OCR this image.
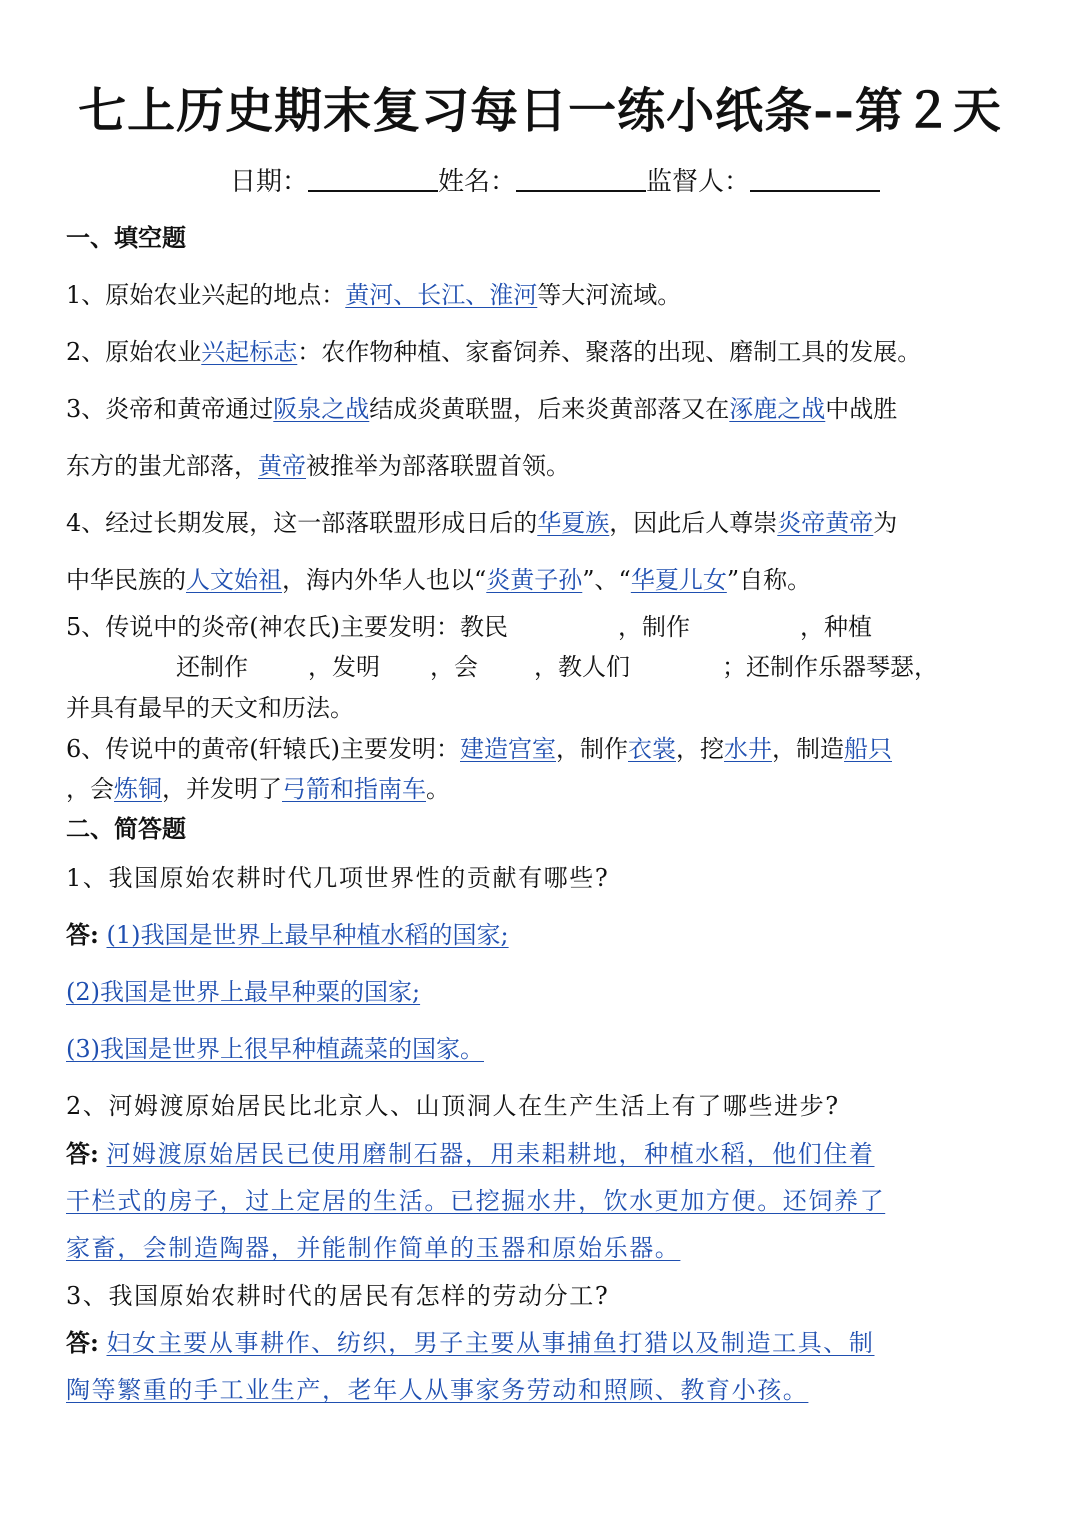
七上历史期末复习每日一练小纸条--第２天
日期：	姓名：	监督人：
一、填空题
1、原始农业兴起的地点：黄河、长江、淮河等大河流域。
2、原始农业兴起标志：农作物种植、家畜饲养、聚落的出现、磨制工具的发展。
3、炎帝和黄帝通过阪泉之战结成炎黄联盟，后来炎黄部落又在涿鹿之战中战胜
东方的蚩尤部落，黄帝被推举为部落联盟首领。
4、经过长期发展，这一部落联盟形成日后的华夏族，因此后人尊崇炎帝黄帝为
中华民族的人文始祖，海内外华人也以“炎黄子孙”、“华夏儿女”自称。
5、传说中的炎帝(神农氏)主要发明：教民	，制作	，种植
还制作	，发明 ，会 ，教人们	；还制作乐器琴瑟，
并具有最早的天文和历法。
6、传说中的黄帝(轩辕氏)主要发明：建造宫室，制作衣裳，挖水井，制造船只
，会炼铜，并发明了弓箭和指南车。
二、简答题
1、我国原始农耕时代几项世界性的贡献有哪些?
答: (1)我国是世界上最早种植水稻的国家;
(2)我国是世界上最早种粟的国家;
(3)我国是世界上很早种植蔬菜的国家。
2、河姆渡原始居民比北京人、山顶洞人在生产生活上有了哪些进步?
答: 河姆渡原始居民已使用磨制石器，用耒耜耕地，种植水稻，他们住着
干栏式的房子，过上定居的生活。已挖掘水井，饮水更加方便。还饲养了
家畜，会制造陶器，并能制作简单的玉器和原始乐器。
3、我国原始农耕时代的居民有怎样的劳动分工?
答: 妇女主要从事耕作、纺织，男子主要从事捕鱼打猎以及制造工具、制
陶等繁重的手工业生产，老年人从事家务劳动和照顾、教育小孩。
